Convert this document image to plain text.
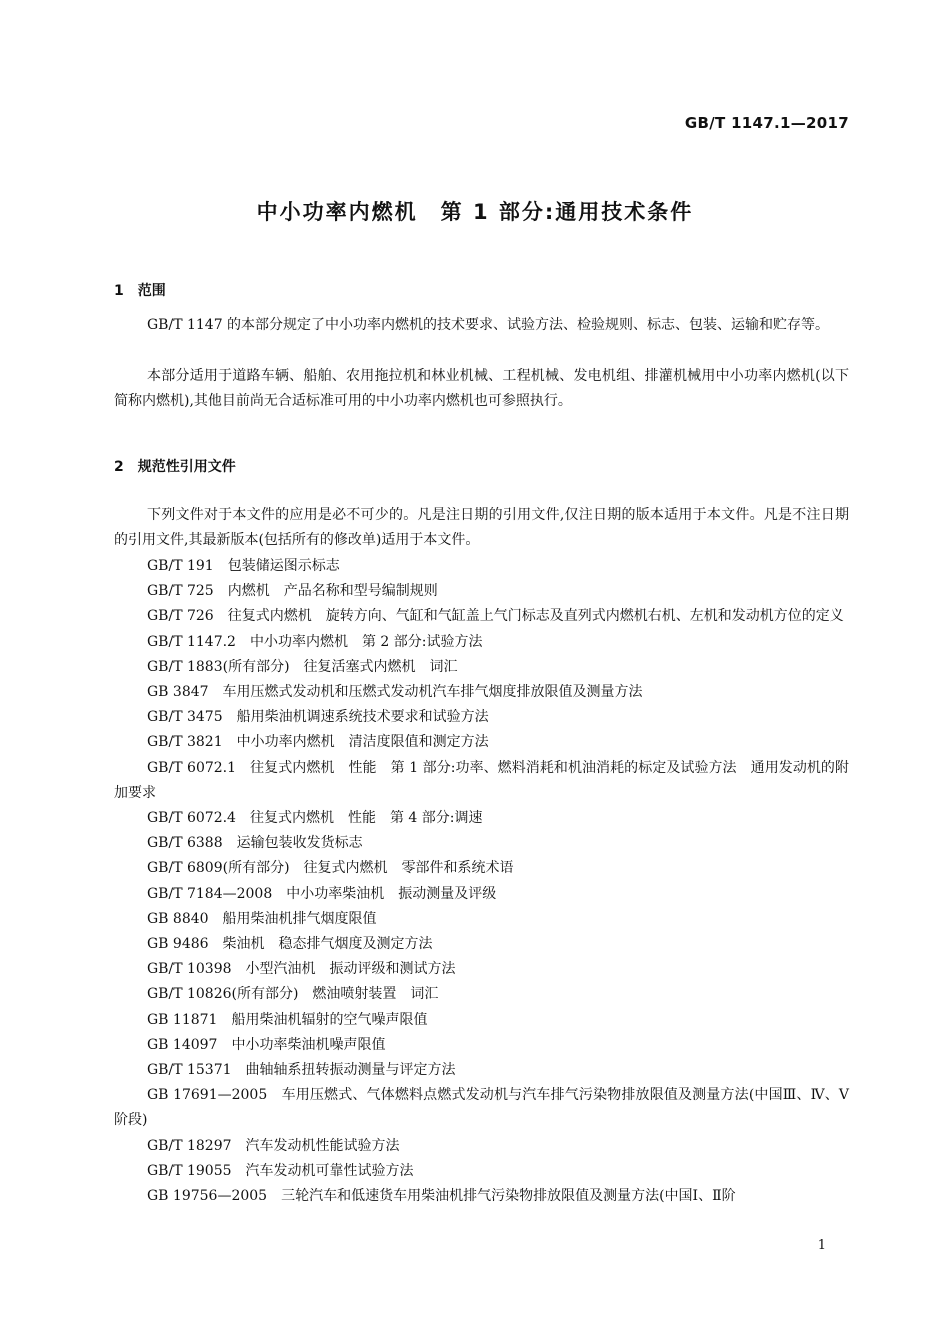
GB/T 1147.1—2017
中小功率内燃机　第 1 部分:通用技术条件
1　范围

GB/T 1147 的本部分规定了中小功率内燃机的技术要求、试验方法、检验规则、标志、包装、运输和贮存等。

本部分适用于道路车辆、船舶、农用拖拉机和林业机械、工程机械、发电机组、排灌机械用中小功率内燃机(以下简称内燃机),其他目前尚无合适标准可用的中小功率内燃机也可参照执行。

2　规范性引用文件

下列文件对于本文件的应用是必不可少的。凡是注日期的引用文件,仅注日期的版本适用于本文件。凡是不注日期的引用文件,其最新版本(包括所有的修改单)适用于本文件。

GB/T 191　包装储运图示标志
GB/T 725　内燃机　产品名称和型号编制规则
GB/T 726　往复式内燃机　旋转方向、气缸和气缸盖上气门标志及直列式内燃机右机、左机和发动机方位的定义
GB/T 1147.2　中小功率内燃机　第 2 部分:试验方法
GB/T 1883(所有部分)　往复活塞式内燃机　词汇
GB 3847　车用压燃式发动机和压燃式发动机汽车排气烟度排放限值及测量方法
GB/T 3475　船用柴油机调速系统技术要求和试验方法
GB/T 3821　中小功率内燃机　清洁度限值和测定方法
GB/T 6072.1　往复式内燃机　性能　第 1 部分:功率、燃料消耗和机油消耗的标定及试验方法　通用发动机的附加要求
GB/T 6072.4　往复式内燃机　性能　第 4 部分:调速
GB/T 6388　运输包装收发货标志
GB/T 6809(所有部分)　往复式内燃机　零部件和系统术语
GB/T 7184—2008　中小功率柴油机　振动测量及评级
GB 8840　船用柴油机排气烟度限值
GB 9486　柴油机　稳态排气烟度及测定方法
GB/T 10398　小型汽油机　振动评级和测试方法
GB/T 10826(所有部分)　燃油喷射装置　词汇
GB 11871　船用柴油机辐射的空气噪声限值
GB 14097　中小功率柴油机噪声限值
GB/T 15371　曲轴轴系扭转振动测量与评定方法
GB 17691—2005　车用压燃式、气体燃料点燃式发动机与汽车排气污染物排放限值及测量方法(中国Ⅲ、Ⅳ、Ⅴ阶段)
GB/T 18297　汽车发动机性能试验方法
GB/T 19055　汽车发动机可靠性试验方法
GB 19756—2005　三轮汽车和低速货车用柴油机排气污染物排放限值及测量方法(中国Ⅰ、Ⅱ阶
1
